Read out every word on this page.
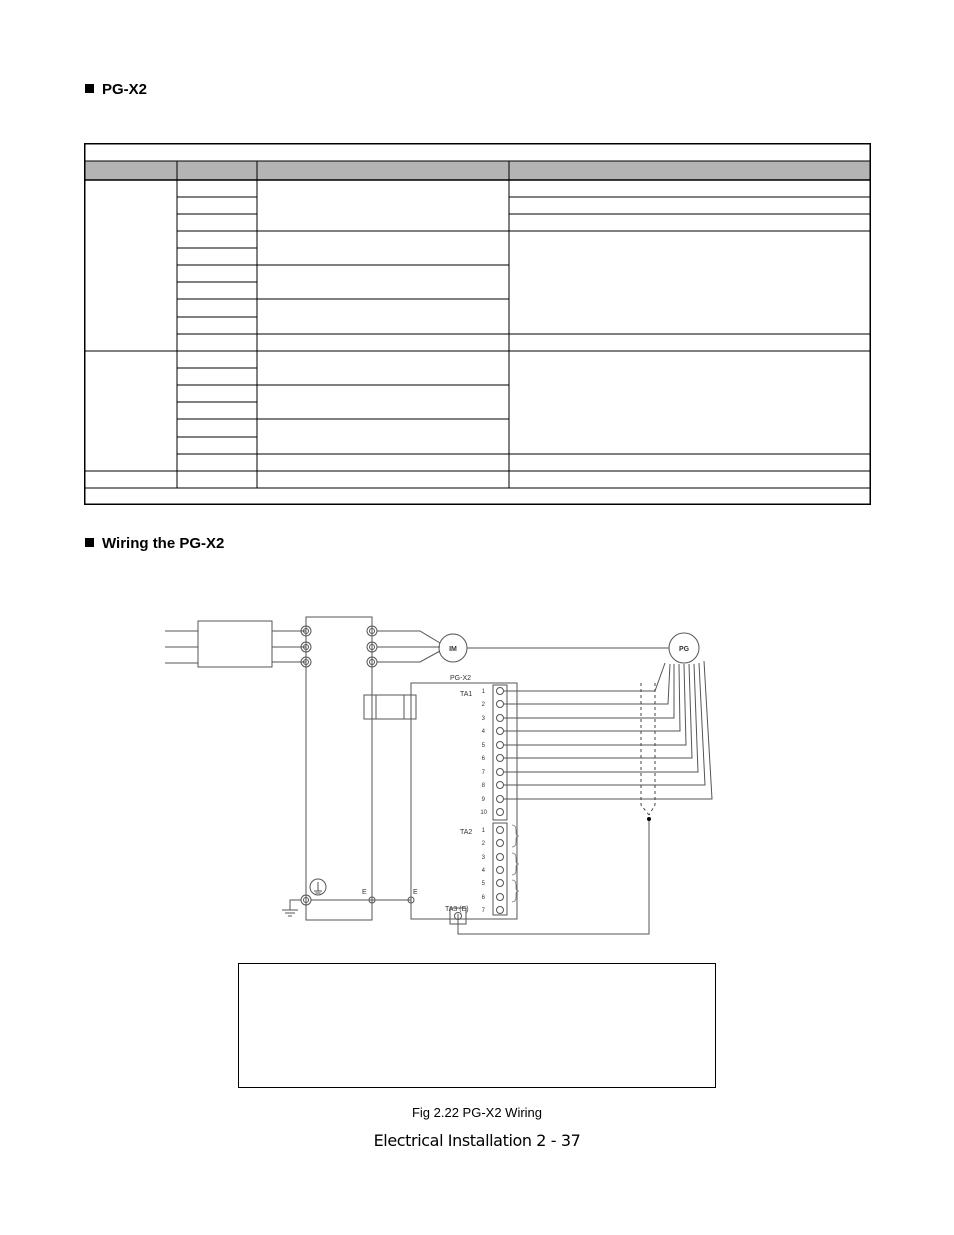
PG-X2
Wiring the PG-X2
IM	PG
PG-X2
TA1
TA2
TA3 (E)
E	E
1
2
3
4
5
6
7
8
9
10
1
2
3
4
5
6
7
Fig 2.22 PG-X2 Wiring
Electrical Installation 2 - 37
